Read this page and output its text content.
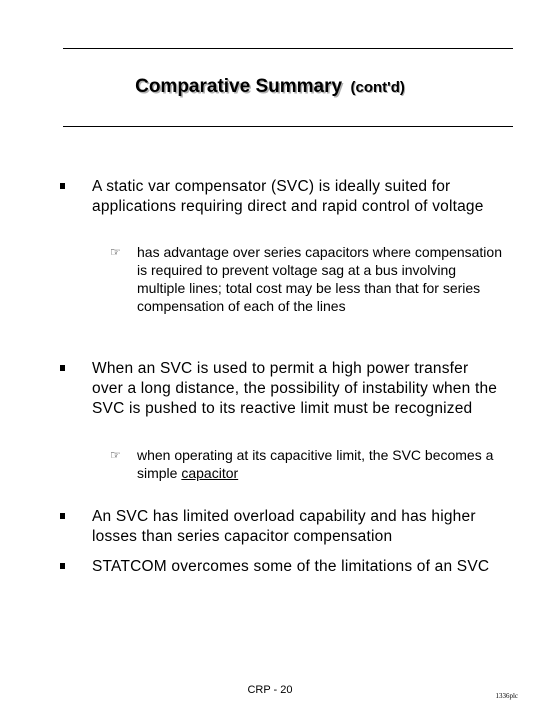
Comparative Summary (cont'd)
A static var compensator (SVC) is ideally suited for applications requiring direct and rapid control of voltage
☞ has advantage over series capacitors where compensation is required to prevent voltage sag at a bus involving multiple lines; total cost may be less than that for series compensation of each of the lines
When an SVC is used to permit a high power transfer over a long distance, the possibility of instability when the SVC is pushed to its reactive limit must be recognized
☞ when operating at its capacitive limit, the SVC becomes a simple capacitor
An SVC has limited overload capability and has higher losses than series capacitor compensation
STATCOM overcomes some of the limitations of an SVC
CRP - 20	1336plc
